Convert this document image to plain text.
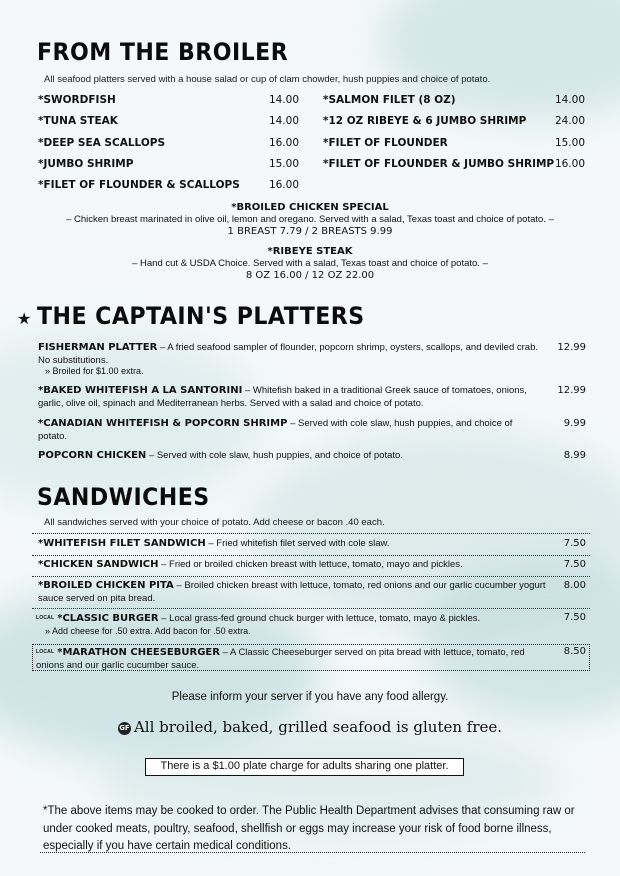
FROM THE BROILER
All seafood platters served with a house salad or cup of clam chowder, hush puppies and choice of potato.
*SWORDFISH	14.00
*TUNA STEAK	14.00
*DEEP SEA SCALLOPS	16.00
*JUMBO SHRIMP	15.00
*FILET OF FLOUNDER & SCALLOPS	16.00
*SALMON FILET (8 OZ)	14.00
*12 OZ RIBEYE & 6 JUMBO SHRIMP	24.00
*FILET OF FLOUNDER	15.00
*FILET OF FLOUNDER & JUMBO SHRIMP 16.00
*BROILED CHICKEN SPECIAL
– Chicken breast marinated in olive oil, lemon and oregano. Served with a salad, Texas toast and choice of potato. –
1 BREAST 7.79 / 2 BREASTS 9.99
*RIBEYE STEAK
– Hand cut & USDA Choice. Served with a salad, Texas toast and choice of potato. –
8 OZ 16.00 / 12 OZ 22.00
★ THE CAPTAIN'S PLATTERS
FISHERMAN PLATTER – A fried seafood sampler of flounder, popcorn shrimp, oysters, scallops, and deviled crab. No substitutions.
» Broiled for $1.00 extra.
12.99
*BAKED WHITEFISH A LA SANTORINI – Whitefish baked in a traditional Greek sauce of tomatoes, onions, garlic, olive oil, spinach and Mediterranean herbs. Served with a salad and choice of potato.
12.99
*CANADIAN WHITEFISH & POPCORN SHRIMP – Served with cole slaw, hush puppies, and choice of potato.
9.99
POPCORN CHICKEN – Served with cole slaw, hush puppies, and choice of potato.	8.99
SANDWICHES
All sandwiches served with your choice of potato. Add cheese or bacon .40 each.
*WHITEFISH FILET SANDWICH – Fried whitefish filet served with cole slaw.	7.50
*CHICKEN SANDWICH – Fried or broiled chicken breast with lettuce, tomato, mayo and pickles.	7.50
*BROILED CHICKEN PITA – Broiled chicken breast with lettuce, tomato, red onions and our garlic cucumber yogurt sauce served on pita bread.
8.00
$^{LOCAL}$ *CLASSIC BURGER – Local grass-fed ground chuck burger with lettuce, tomato, mayo & pickles.
» Add cheese for .50 extra. Add bacon for .50 extra.
7.50
$^{LOCAL}$ *MARATHON CHEESEBURGER – A Classic Cheeseburger served on pita bread with lettuce, tomato, red onions and our garlic cucumber sauce.
8.50
Please inform your server if you have any food allergy.
GF All broiled, baked, grilled seafood is gluten free.
There is a $1.00 plate charge for adults sharing one platter.
*The above items may be cooked to order. The Public Health Department advises that consuming raw or under cooked meats, poultry, seafood, shellfish or eggs may increase your risk of food borne illness, especially if you have certain medical conditions.
